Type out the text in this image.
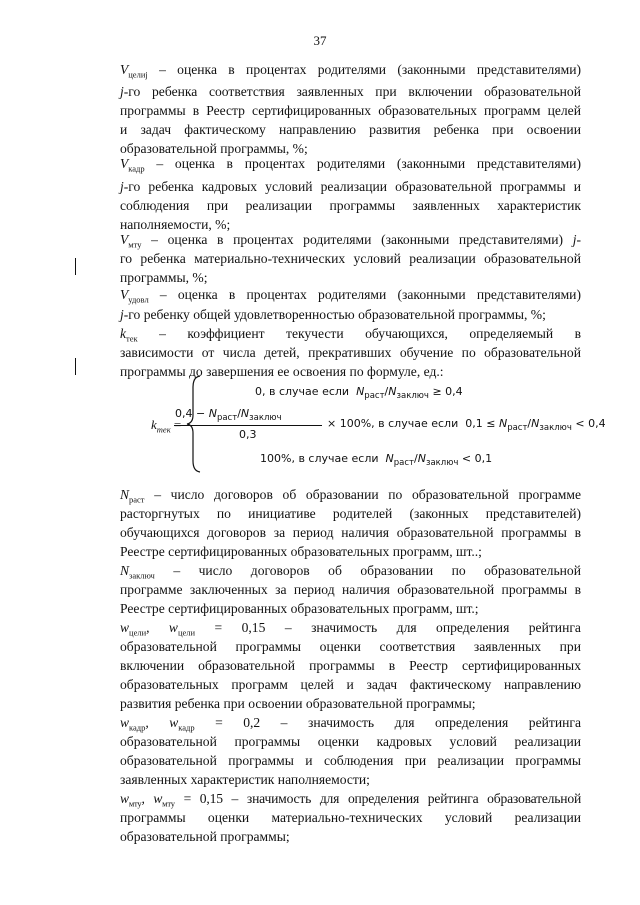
37
$V_{целиj}$ – оценка в процентах родителями (законными представителями)
j-го ребенка соответствия заявленных при включении образовательной
программы в Реестр сертифицированных образовательных программ целей
и задач фактическому направлению развития ребенка при освоении
образовательной программы, %;
$V_{кадр}$ – оценка в процентах родителями (законными представителями)
j-го ребенка кадровых условий реализации образовательной программы и
соблюдения при реализации программы заявленных характеристик
наполняемости, %;
$V_{мту}$ – оценка в процентах родителями (законными представителями) j-
го ребенка материально-технических условий реализации образовательной
программы, %;
$V_{удовл}$ – оценка в процентах родителями (законными представителями)
j-го ребенку общей удовлетворенностью образовательной программы, %;
$k_{тек}$ – коэффициент текучести обучающихся, определяемый в
зависимости от числа детей, прекративших обучение по образовательной
программы до завершения ее освоения по формуле, ед.:
$k_{тек}$
0, в случае если $N_{раст}/N_{заключ} \ge 0,4$
$0,4 - N_{раст}/N_{заключ}$
0,3
× 100%, в случае если $0,1 \le N_{раст}/N_{заключ} < 0,4$
100%, в случае если $N_{раст}/N_{заключ} < 0,1$
$N_{раст}$ – число договоров об образовании по образовательной программе
расторгнутых по инициативе родителей (законных представителей)
обучающихся договоров за период наличия образовательной программы в
Реестре сертифицированных образовательных программ, шт..;
$N_{заключ}$ – число договоров об образовании по образовательной
программе заключенных за период наличия образовательной программы в
Реестре сертифицированных образовательных программ, шт.;
$w_{цели}$, $w_{цели} = 0,15$ – значимость для определения рейтинга
образовательной программы оценки соответствия заявленных при
включении образовательной программы в Реестр сертифицированных
образовательных программ целей и задач фактическому направлению
развития ребенка при освоении образовательной программы;
$w_{кадр}$, $w_{кадр} = 0,2$ – значимость для определения рейтинга
образовательной программы оценки кадровых условий реализации
образовательной программы и соблюдения при реализации программы
заявленных характеристик наполняемости;
$w_{мту}$, $w_{мту} = 0,15$ – значимость для определения рейтинга образовательной
программы оценки материально-технических условий реализации
образовательной программы;
